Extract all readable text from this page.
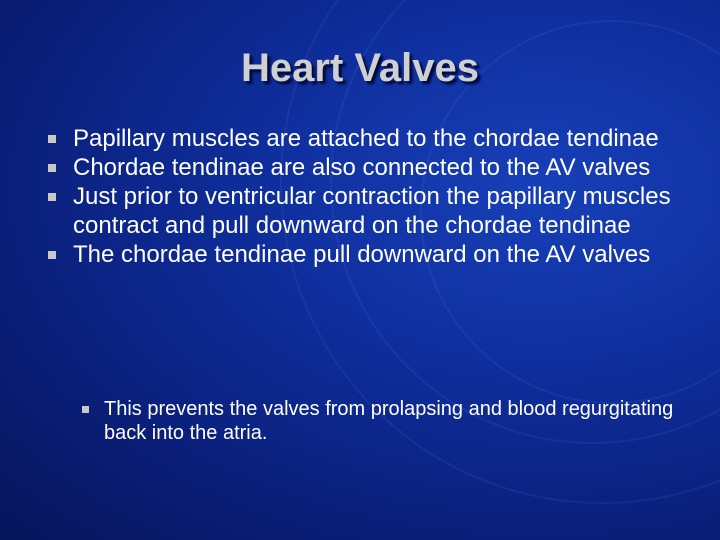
Heart Valves
Papillary muscles are attached to the chordae tendinae
Chordae tendinae are also connected to the AV valves
Just prior to ventricular contraction the papillary muscles contract and pull downward on the chordae tendinae
The chordae tendinae pull downward on the AV valves
This prevents the valves from prolapsing and blood regurgitating back into the atria.
